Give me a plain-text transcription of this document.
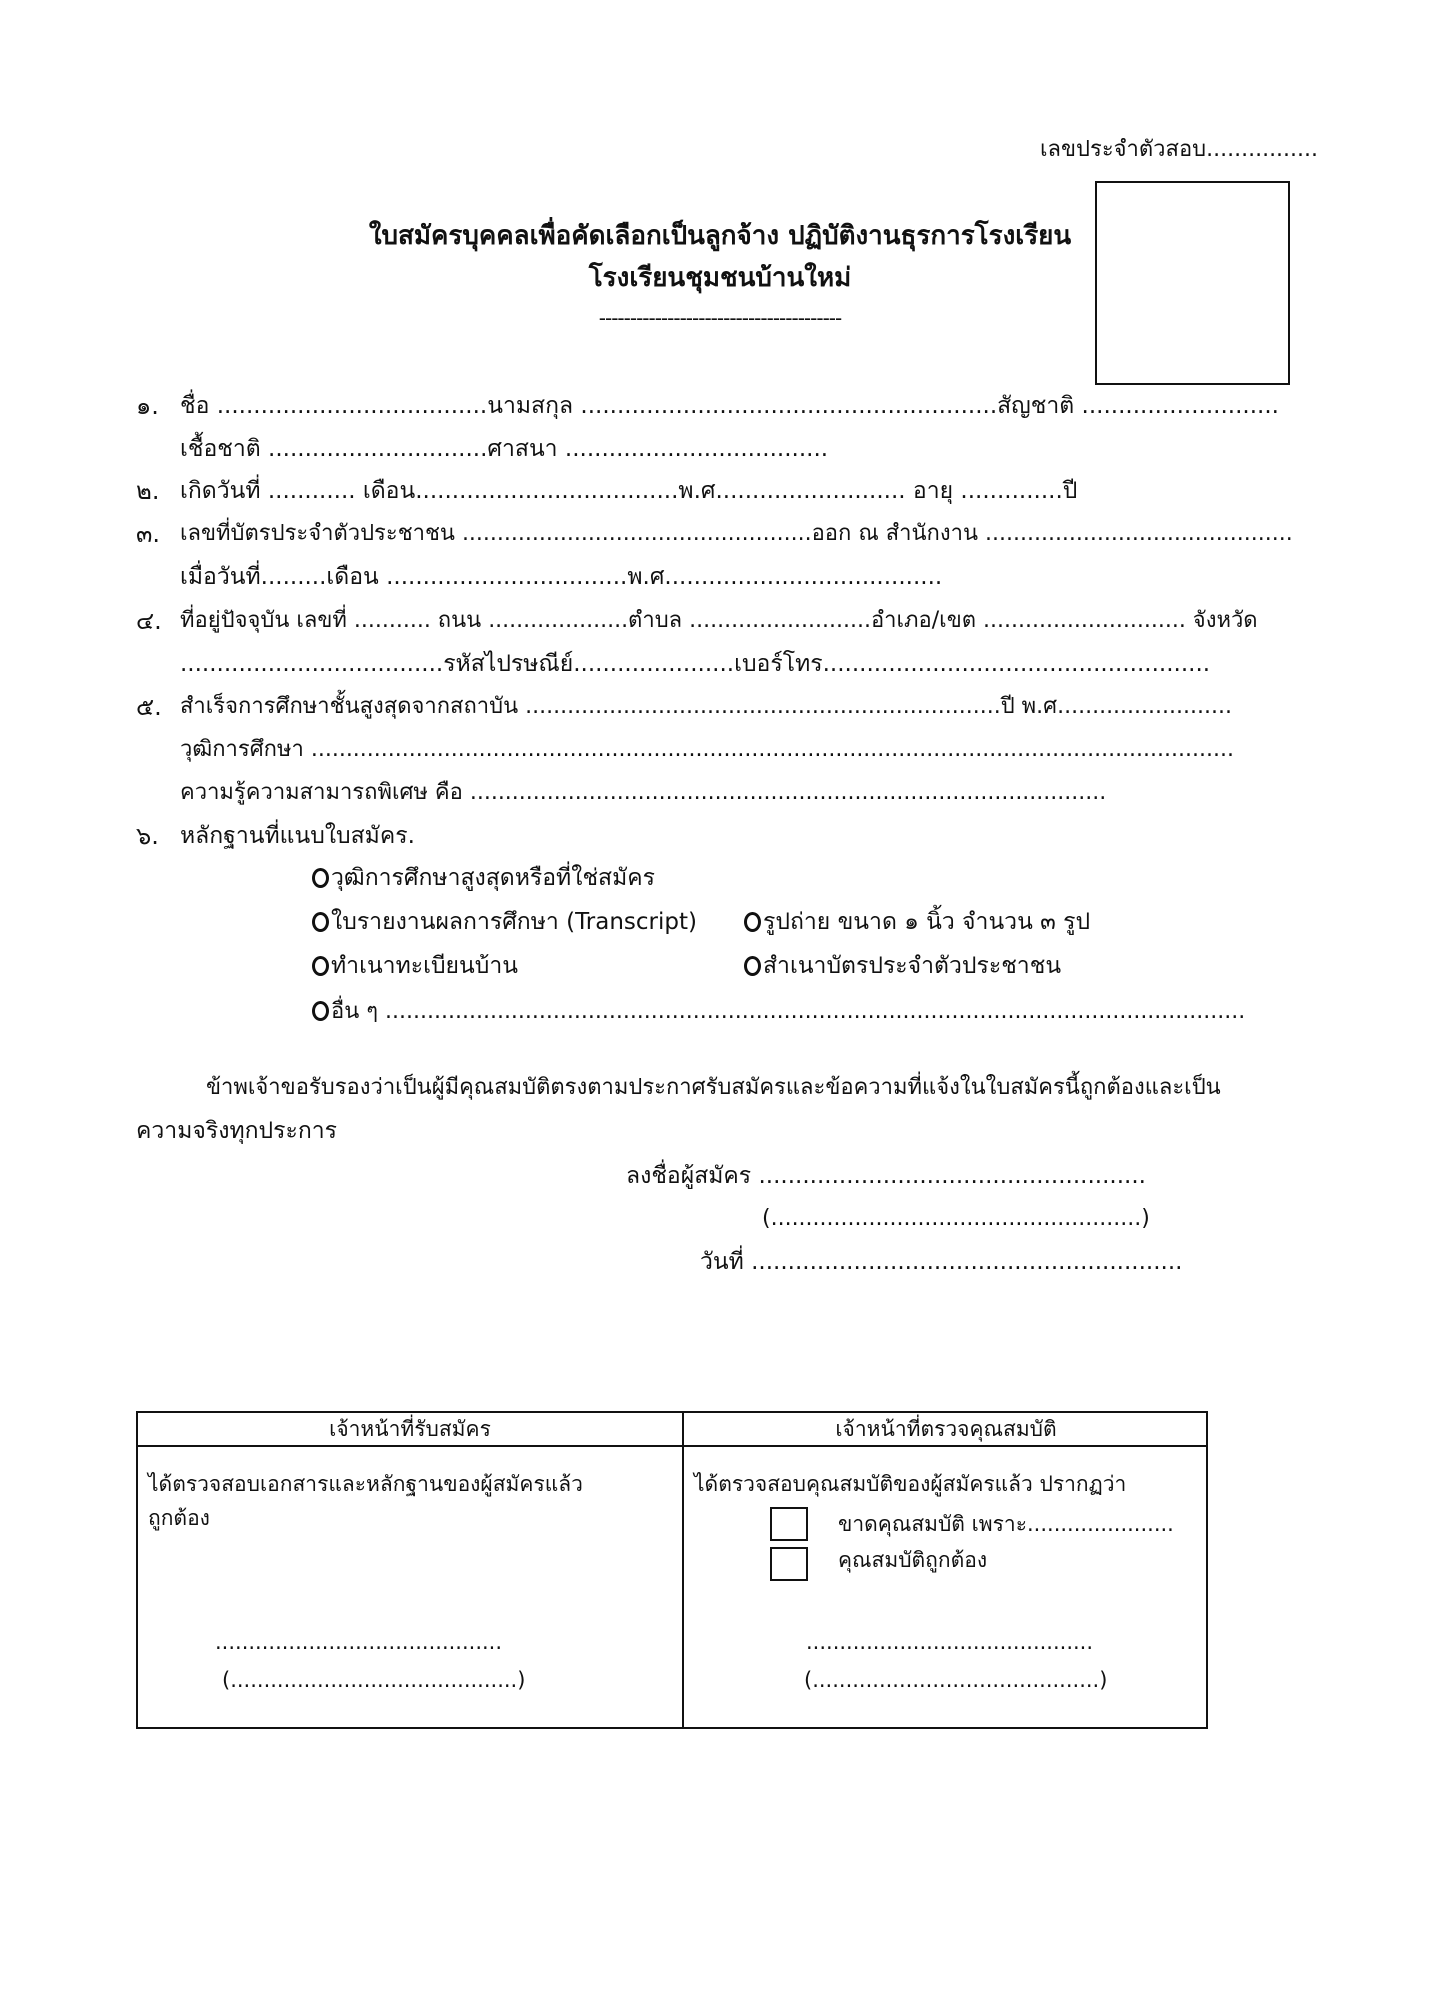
เลขประจำตัวสอบ................
ใบสมัครบุคคลเพื่อคัดเลือกเป็นลูกจ้าง ปฏิบัติงานธุรการโรงเรียน
โรงเรียนชุมชนบ้านใหม่
---------------------------------------
๑. ชื่อ .....................................นามสกุล .........................................................สัญชาติ ...........................
เชื้อชาติ ..............................ศาสนา ....................................
๒. เกิดวันที่ ............ เดือน....................................พ.ศ.......................... อายุ ..............ปี
๓. เลขที่บัตรประจำตัวประชาชน ..................................................ออก ณ สำนักงาน ............................................
เมื่อวันที่.........เดือน .................................พ.ศ......................................
๔. ที่อยู่ปัจจุบัน เลขที่ ........... ถนน ....................ตำบล ..........................อำเภอ/เขต ............................. จังหวัด
....................................รหัสไปรษณีย์......................เบอร์โทร.....................................................
๕. สำเร็จการศึกษาชั้นสูงสุดจากสถาบัน ....................................................................ปี พ.ศ.........................
วุฒิการศึกษา ....................................................................................................................................
ความรู้ความสามารถพิเศษ คือ ...........................................................................................
๖. หลักฐานที่แนบใบสมัคร.
วุฒิการศึกษาสูงสุดหรือที่ใช่สมัคร
ใบรายงานผลการศึกษา (Transcript)	รูปถ่าย ขนาด ๑ นิ้ว จำนวน ๓ รูป
ทำเนาทะเบียนบ้าน	สำเนาบัตรประจำตัวประชาชน
อื่น ๆ ...........................................................................................................................
ข้าพเจ้าขอรับรองว่าเป็นผู้มีคุณสมบัติตรงตามประกาศรับสมัครและข้อความที่แจ้งในใบสมัครนี้ถูกต้องและเป็น
ความจริงทุกประการ
ลงชื่อผู้สมัคร .....................................................
(.....................................................)
วันที่ ...........................................................
เจ้าหน้าที่รับสมัคร	เจ้าหน้าที่ตรวจคุณสมบัติ
ได้ตรวจสอบเอกสารและหลักฐานของผู้สมัครแล้ว
ถูกต้อง
...........................................
(...........................................)
ได้ตรวจสอบคุณสมบัติของผู้สมัครแล้ว ปรากฏว่า
ขาดคุณสมบัติ เพราะ......................
คุณสมบัติถูกต้อง
...........................................
(...........................................)
